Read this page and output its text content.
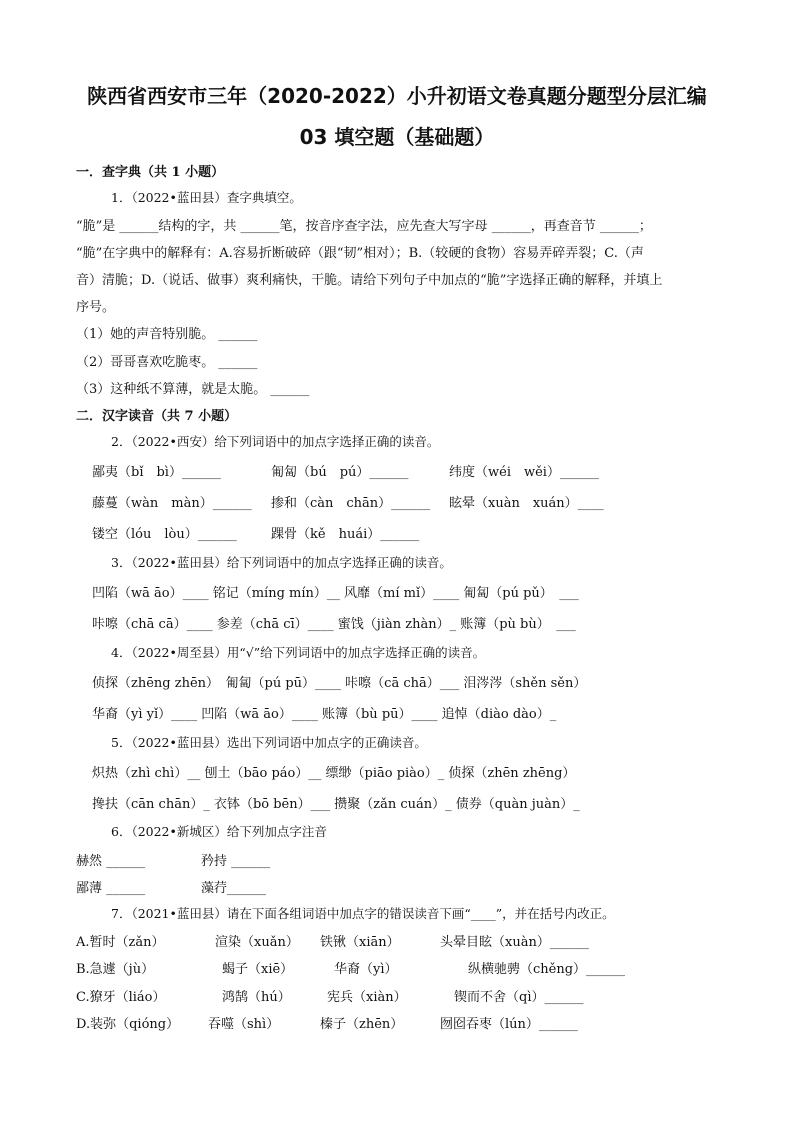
陕西省西安市三年（2020-2022）小升初语文卷真题分题型分层汇编
03 填空题（基础题）
一．查字典（共 1 小题）
1．（2022•蓝田县）查字典填空。
“脆”是 ______结构的字，共 ______笔，按音序查字法，应先查大写字母 ______，再查音节 ______；
“脆”在字典中的解释有：A.容易折断破碎（跟“韧”相对）；B.（较硬的食物）容易弄碎弄裂；C.（声
音）清脆；D.（说话、做事）爽利痛快，干脆。请给下列句子中加点的“脆”字选择正确的解释，并填上
序号。
（1）她的声音特别脆。 ______
（2）哥哥喜欢吃脆枣。 ______
（3）这种纸不算薄，就是太脆。 ______
二．汉字读音（共 7 小题）
2．（2022•西安）给下列词语中的加点字选择正确的读音。
鄙夷（bǐ　bì）______	匍匐（bú　pú）______	纬度（wéi　wěi）______
藤蔓（wàn　màn）______ 掺和（càn　chān）______ 眩晕（xuàn　xuán）____
镂空（lóu　lòu）______	踝骨（kě　huái）______
3．（2022•蓝田县）给下列词语中的加点字选择正确的读音。
凹陷（wā āo）____ 铭记（míng mín）__ 风靡（mí mǐ）____ 匍匐（pú pǔ）　___
咔嚓（chā cā）____ 参差（chā cī）____ 蜜饯（jiàn zhàn）_ 账簿（pù bù）　___
4．（2022•周至县）用“√”给下列词语中的加点字选择正确的读音。
侦探（zhēng zhēn）　匍匐（pú pū）____ 咔嚓（cā chā）___ 泪涔涔（shěn sěn）
华裔（yì yǐ）____ 凹陷（wā āo）____ 账簿（bù pū）____ 追悼（diào dào）_
5．（2022•蓝田县）选出下列词语中加点字的正确读音。
炽热（zhì chì）__ 刨土（bāo páo）__ 缥缈（piāo piào）_ 侦探（zhēn zhēng）
搀扶（cān chān）_ 衣钵（bō bēn）___ 攒聚（zǎn cuán）_ 债券（quàn juàn）_
6．（2022•新城区）给下列加点字注音
赫然 ______	矜持 ______
鄙薄 ______	藻荇______
7．（2021•蓝田县）请在下面各组词语中加点字的错误读音下画“____”，并在括号内改正。
A.暂时（zǎn）	渲染（xuǎn） 铁锹（xiān）	头晕目眩（xuàn）______
B.急遽（jù）	蝎子（xiē）	华裔（yì）	纵横驰骋（chěng）______
C.獠牙（liáo）	鸿鹄（hú）	宪兵（xiàn）	锲而不舍（qì）______
D.装弥（qióng） 吞噬（shì）	榛子（zhēn）	囫囵吞枣（lún）______
